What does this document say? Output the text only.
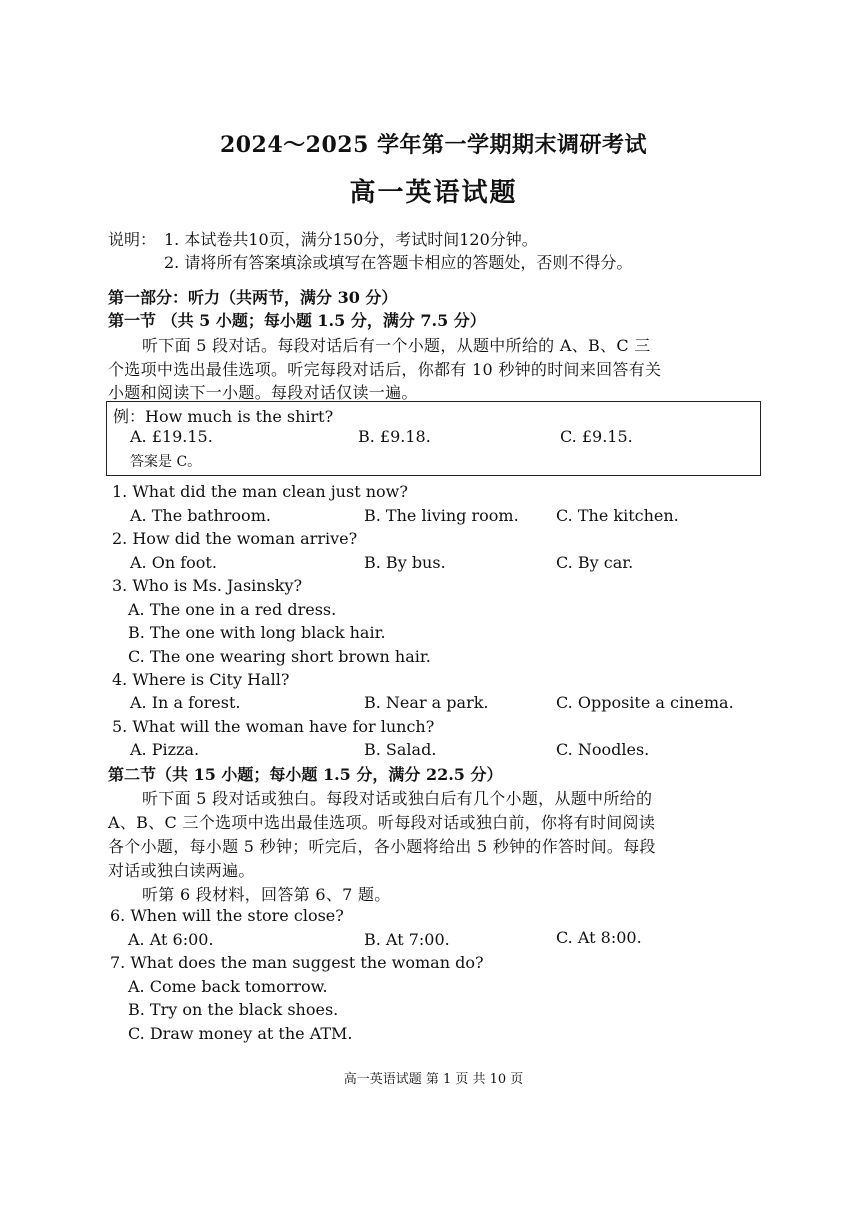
2024～2025 学年第一学期期末调研考试
高一英语试题
说明： 1. 本试卷共10页，满分150分，考试时间120分钟。
2. 请将所有答案填涂或填写在答题卡相应的答题处，否则不得分。
第一部分：听力（共两节，满分 30 分）
第一节 （共 5 小题；每小题 1.5 分，满分 7.5 分）
听下面 5 段对话。每段对话后有一个小题，从题中所给的 A、B、C 三
个选项中选出最佳选项。听完每段对话后，你都有 10 秒钟的时间来回答有关
小题和阅读下一小题。每段对话仅读一遍。
例：How much is the shirt?
A. £19.15.	B. £9.18.	C. £9.15.
答案是 C。
1. What did the man clean just now?
A. The bathroom.	B. The living room. C. The kitchen.
2. How did the woman arrive?
A. On foot.	B. By bus.	C. By car.
3. Who is Ms. Jasinsky?
A. The one in a red dress.
B. The one with long black hair.
C. The one wearing short brown hair.
4. Where is City Hall?
A. In a forest.	B. Near a park.	C. Opposite a cinema.
5. What will the woman have for lunch?
A. Pizza.	B. Salad.	C. Noodles.
第二节（共 15 小题；每小题 1.5 分，满分 22.5 分）
听下面 5 段对话或独白。每段对话或独白后有几个小题，从题中所给的
A、B、C 三个选项中选出最佳选项。听每段对话或独白前，你将有时间阅读
各个小题，每小题 5 秒钟；听完后，各小题将给出 5 秒钟的作答时间。每段
对话或独白读两遍。
听第 6 段材料，回答第 6、7 题。
6. When will the store close?
A. At 6:00.	B. At 7:00.	C. At 8:00.
7. What does the man suggest the woman do?
A. Come back tomorrow.
B. Try on the black shoes.
C. Draw money at the ATM.
高一英语试题 第 1 页 共 10 页
